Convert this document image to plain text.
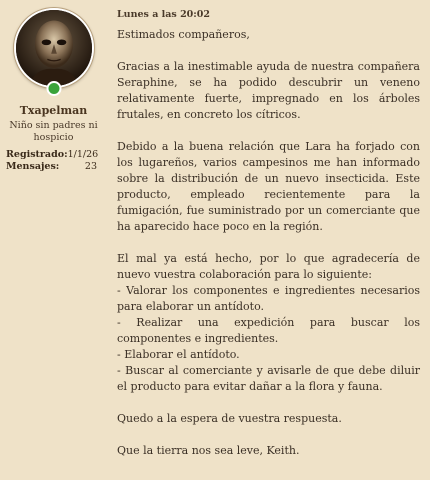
Txapelman
Niño sin padres ni hospicio
Registrado: 1/1/26
Mensajes:	23
Lunes a las 20:02

Estimados compañeros,

Gracias a la inestimable ayuda de nuestra compañera Seraphine, se ha podido descubrir un veneno relativamente fuerte, impregnado en los árboles frutales, en concreto los cítricos.

Debido a la buena relación que Lara ha forjado con los lugareños, varios campesinos me han informado sobre la distribución de un nuevo insecticida. Este producto, empleado recientemente para la fumigación, fue suministrado por un comerciante que ha aparecido hace poco en la región.

El mal ya está hecho, por lo que agradecería de nuevo vuestra colaboración para lo siguiente:

- Valorar los componentes e ingredientes necesarios para elaborar un antídoto.

- Realizar una expedición para buscar los componentes e ingredientes.

- Elaborar el antídoto.

- Buscar al comerciante y avisarle de que debe diluir el producto para evitar dañar a la flora y fauna.

Quedo a la espera de vuestra respuesta.

Que la tierra nos sea leve, Keith.
